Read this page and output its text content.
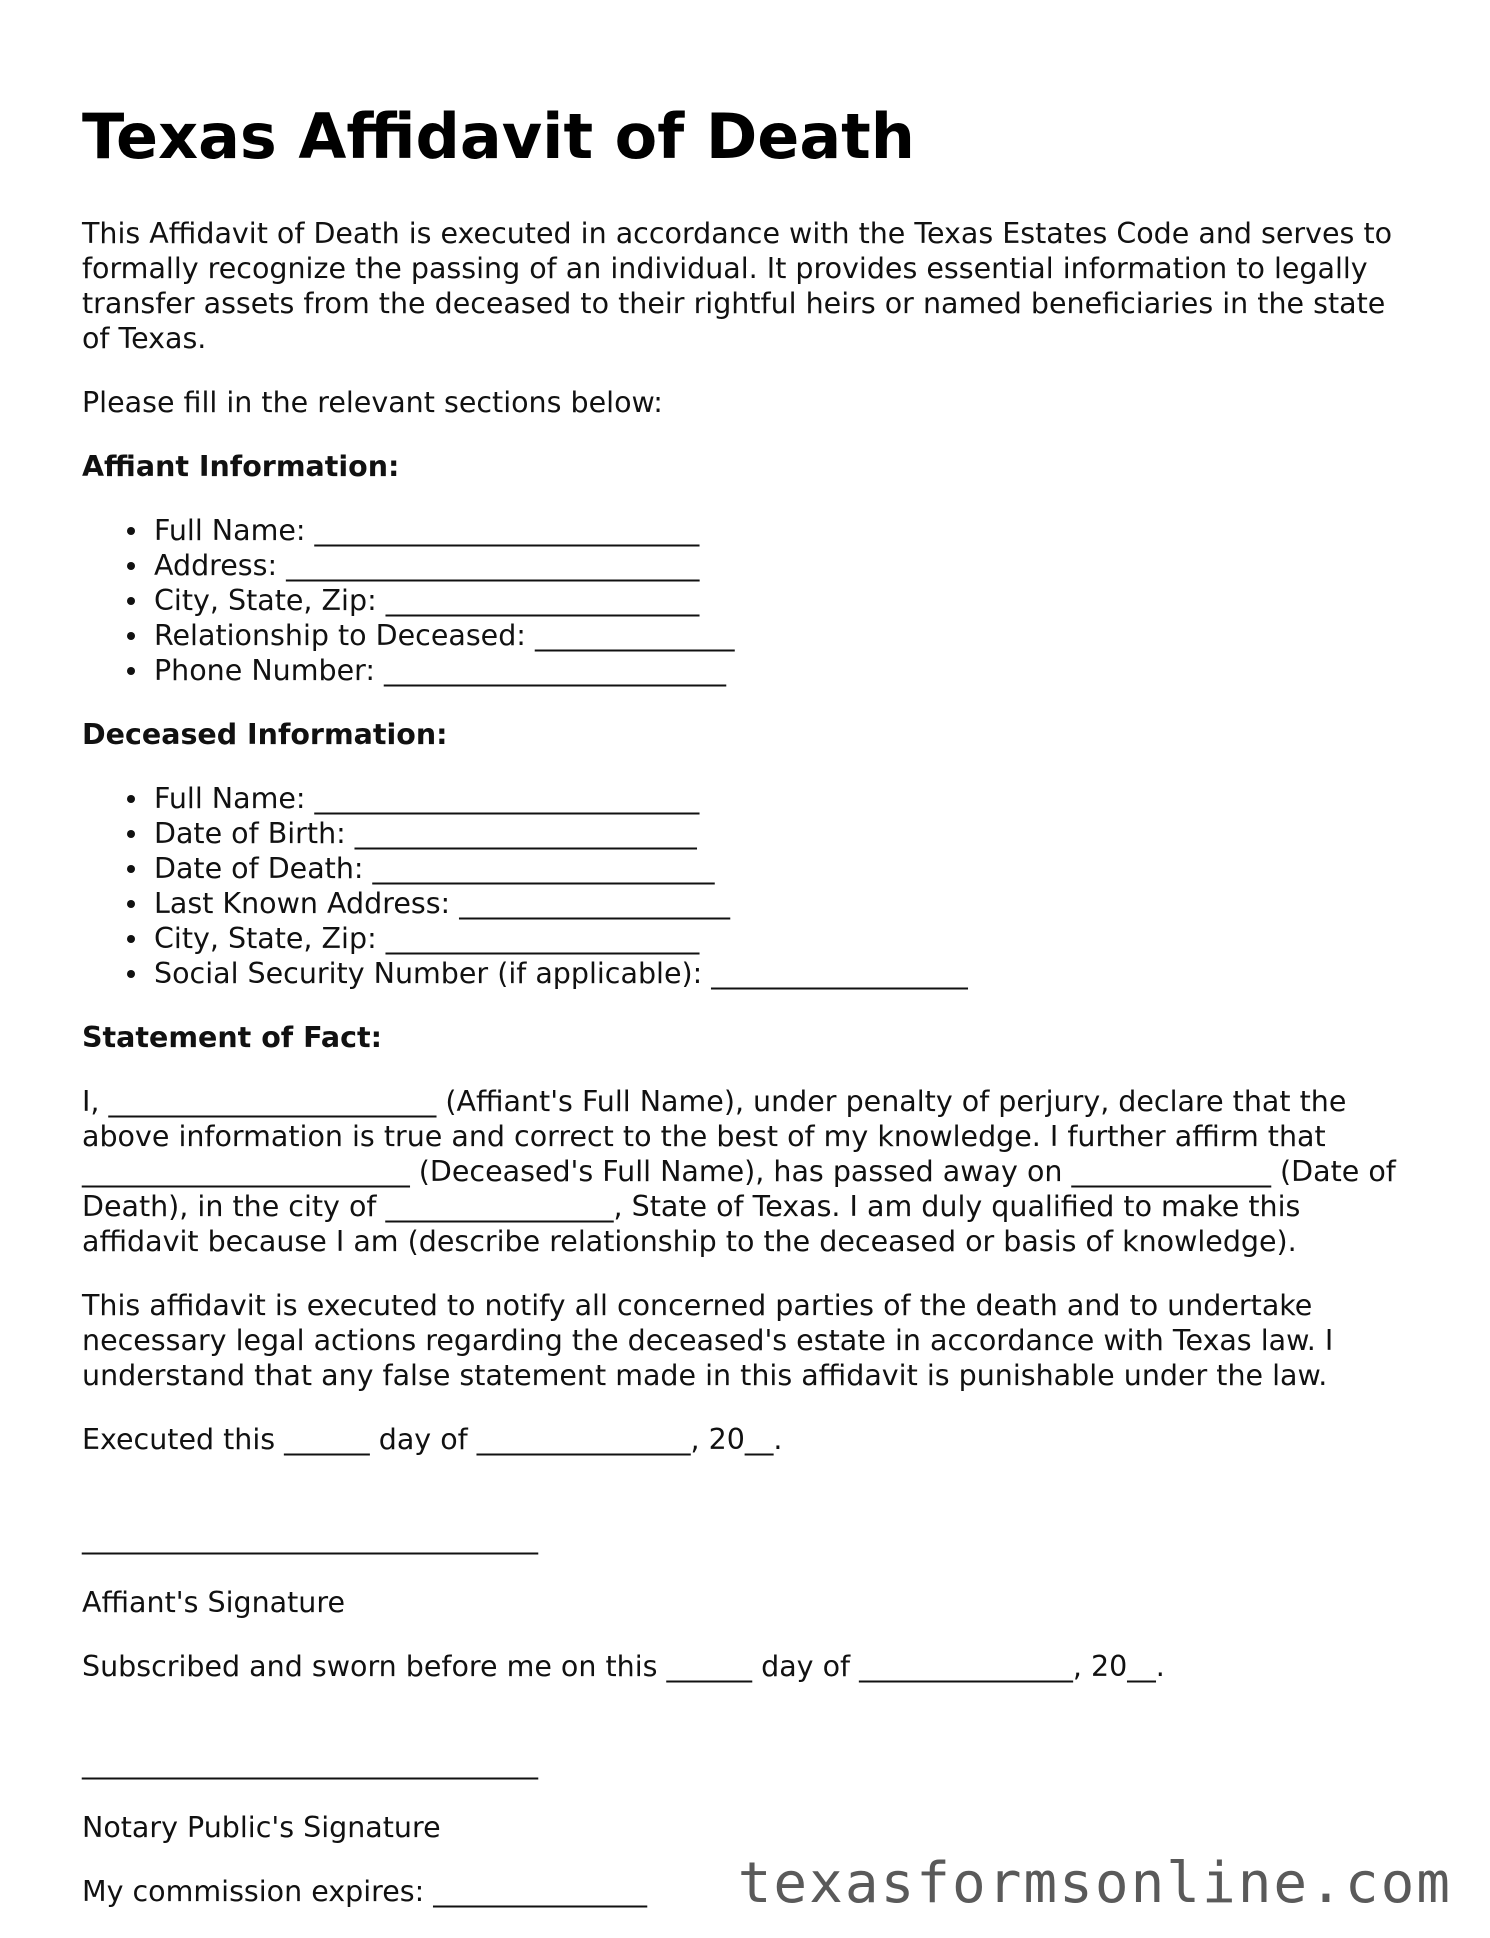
Texas Affidavit of Death

This Affidavit of Death is executed in accordance with the Texas Estates Code and serves to formally recognize the passing of an individual. It provides essential information to legally transfer assets from the deceased to their rightful heirs or named beneficiaries in the state of Texas.

Please fill in the relevant sections below:

Affiant Information:
Full Name: ___________________________
Address: _____________________________
City, State, Zip: ______________________
Relationship to Deceased: ______________
Phone Number: ________________________
Deceased Information:
Full Name: ___________________________
Date of Birth: ________________________
Date of Death: ________________________
Last Known Address: ___________________
City, State, Zip: ______________________
Social Security Number (if applicable): __________________
Statement of Fact:

I, _______________________ (Affiant's Full Name), under penalty of perjury, declare that the above information is true and correct to the best of my knowledge. I further affirm that _______________________ (Deceased's Full Name), has passed away on ______________ (Date of Death), in the city of ________________, State of Texas. I am duly qualified to make this affidavit because I am (describe relationship to the deceased or basis of knowledge).

This affidavit is executed to notify all concerned parties of the death and to undertake necessary legal actions regarding the deceased's estate in accordance with Texas law. I understand that any false statement made in this affidavit is punishable under the law.

Executed this ______ day of _______________, 20__.

________________________________

Affiant's Signature

Subscribed and sworn before me on this ______ day of _______________, 20__.

________________________________

Notary Public's Signature

My commission expires: _______________	texasformsonline.com
